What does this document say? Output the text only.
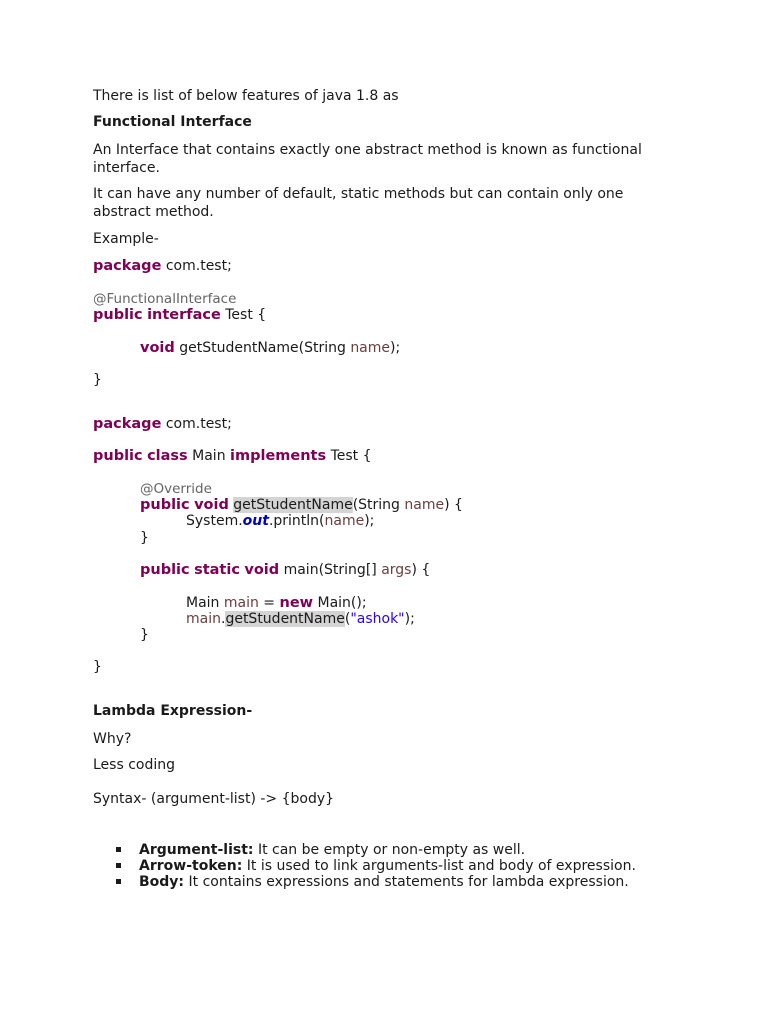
There is list of below features of java 1.8 as
Functional Interface
An Interface that contains exactly one abstract method is known as functional
interface.
It can have any number of default, static methods but can contain only one
abstract method.
Example-
package com.test;
@FunctionalInterface
public interface Test {
void getStudentName(String name);
}
package com.test;
public class Main implements Test {
@Override
public void getStudentName(String name) {
System.out.println(name);
}
public static void main(String[] args) {
Main main = new Main();
main.getStudentName("ashok");
}
}
Lambda Expression-
Why?
Less coding
Syntax- (argument-list) -> {body}
Argument-list: It can be empty or non-empty as well.
Arrow-token: It is used to link arguments-list and body of expression.
Body: It contains expressions and statements for lambda expression.
